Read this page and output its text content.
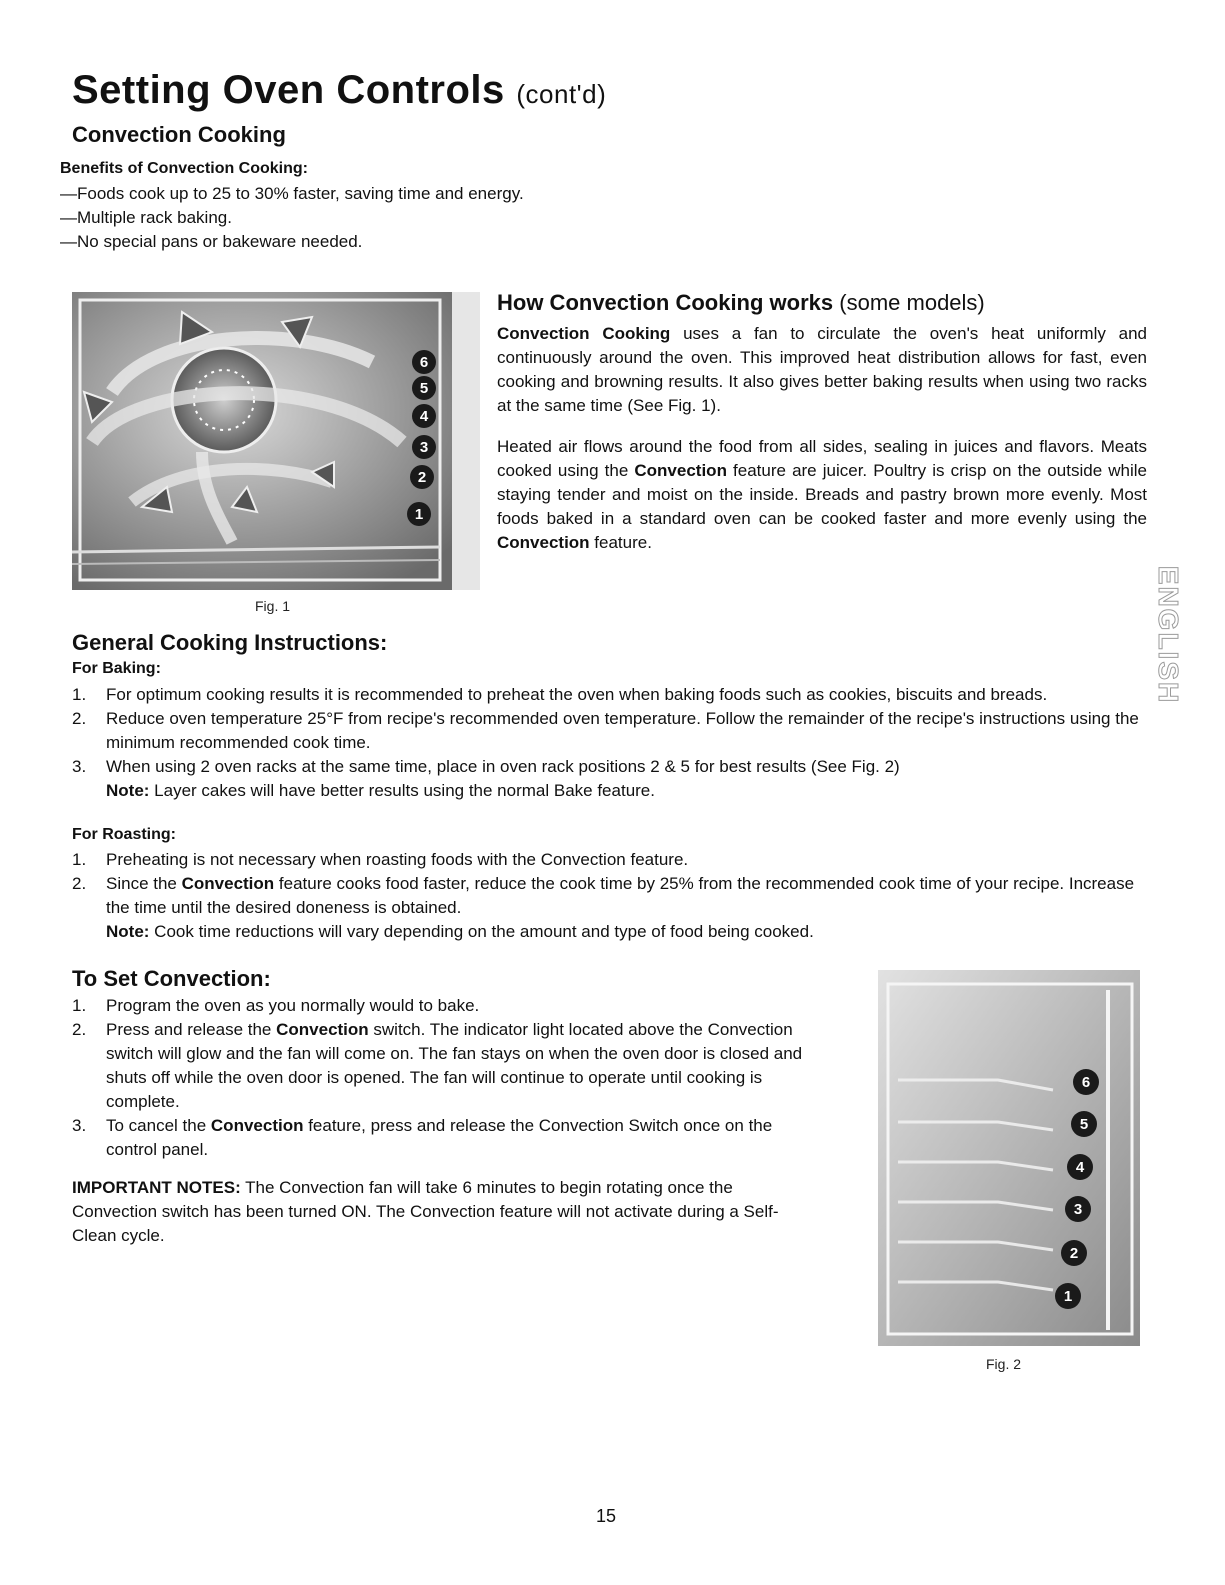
Setting Oven Controls (cont'd)
Convection Cooking
Benefits of Convection Cooking:
—Foods cook up to 25 to 30% faster, saving time and energy.
—Multiple rack baking.
—No special pans or bakeware needed.
6
5
4
3
2
1
Fig. 1
How Convection Cooking works (some models)
Convection Cooking uses a fan to circulate the oven's heat uniformly and continuously around the oven. This improved heat distribution allows for fast, even cooking and browning results. It also gives better baking results when using two racks at the same time (See Fig. 1).
Heated air flows around the food from all sides, sealing in juices and flavors. Meats cooked using the Convection feature are juicer. Poultry is crisp on the outside while staying tender and moist on the inside. Breads and pastry brown more evenly. Most foods baked in a standard oven can be cooked faster and more evenly using the Convection feature.
ENGLISH
General Cooking Instructions:
For Baking:
1. For optimum cooking results it is recommended to preheat the oven when baking foods such as cookies, biscuits and breads.
2. Reduce oven temperature 25°F from recipe's recommended oven temperature. Follow the remainder of the recipe's instructions using the minimum recommended cook time.
3. When using 2 oven racks at the same time, place in oven rack positions 2 & 5 for best results (See Fig. 2)
Note: Layer cakes will have better results using the normal Bake feature.
For Roasting:
1. Preheating is not necessary when roasting foods with the Convection feature.
2. Since the Convection feature cooks food faster, reduce the cook time by 25% from the recommended cook time of your recipe. Increase the time until the desired doneness is obtained.
Note: Cook time reductions will vary depending on the amount and type of food being cooked.
To Set Convection:
1. Program the oven as you normally would to bake.
2. Press and release the Convection switch. The indicator light located above the Convection switch will glow and the fan will come on. The fan stays on when the oven door is closed and shuts off while the oven door is opened. The fan will continue to operate until cooking is complete.
3. To cancel the Convection feature, press and release the Convection Switch once on the control panel.
IMPORTANT NOTES: The Convection fan will take 6 minutes to begin rotating once the Convection switch has been turned ON. The Convection feature will not activate during a Self-Clean cycle.
6
5
4
3
2
1
Fig. 2
15
